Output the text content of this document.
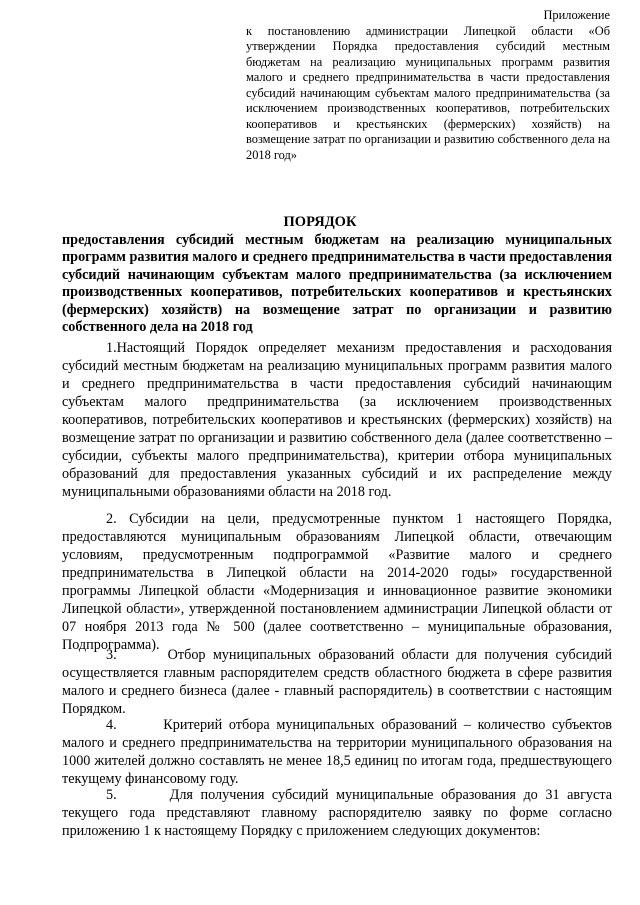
Приложение
к постановлению администрации Липецкой области «Об утверждении Порядка предоставления субсидий местным бюджетам на реализацию муниципальных программ развития малого и среднего предпринимательства в части предоставления субсидий начинающим субъектам малого предпринимательства (за исключением производственных кооперативов, потребительских кооперативов и крестьянских (фермерских) хозяйств) на возмещение затрат по организации и развитию собственного дела на 2018 год»
ПОРЯДОК
предоставления субсидий местным бюджетам на реализацию муниципальных программ развития малого и среднего предпринимательства в части предоставления субсидий начинающим субъектам малого предпринимательства (за исключением производственных кооперативов, потребительских кооперативов и крестьянских (фермерских) хозяйств) на возмещение затрат по организации и развитию собственного дела на 2018 год

1.Настоящий Порядок определяет механизм предоставления и расходования субсидий местным бюджетам на реализацию муниципальных программ развития малого и среднего предпринимательства в части предоставления субсидий начинающим субъектам малого предпринимательства (за исключением производственных кооперативов, потребительских кооперативов и крестьянских (фермерских) хозяйств) на возмещение затрат по организации и развитию собственного дела (далее соответственно – субсидии, субъекты малого предпринимательства), критерии отбора муниципальных образований для предоставления указанных субсидий и их распределение между муниципальными образованиями области на 2018 год.

2. Субсидии на цели, предусмотренные пунктом 1 настоящего Порядка, предоставляются муниципальным образованиям Липецкой области, отвечающим условиям, предусмотренным подпрограммой «Развитие малого и среднего предпринимательства в Липецкой области на 2014-2020 годы» государственной программы Липецкой области «Модернизация и инновационное развитие экономики Липецкой области», утвержденной постановлением администрации Липецкой области от 07 ноября 2013 года № 500 (далее соответственно – муниципальные образования, Подпрограмма).

3.       Отбор муниципальных образований области для получения субсидий осуществляется главным распорядителем средств областного бюджета в сфере развития малого и среднего бизнеса (далее - главный распорядитель) в соответствии с настоящим Порядком.

4.       Критерий отбора муниципальных образований – количество субъектов малого и среднего предпринимательства на территории муниципального образования на 1000 жителей должно составлять не менее 18,5 единиц по итогам года, предшествующего текущему финансовому году.

5.       Для получения субсидий муниципальные образования до 31 августа текущего года представляют главному распорядителю заявку по форме согласно приложению 1 к настоящему Порядку с приложением следующих документов:
